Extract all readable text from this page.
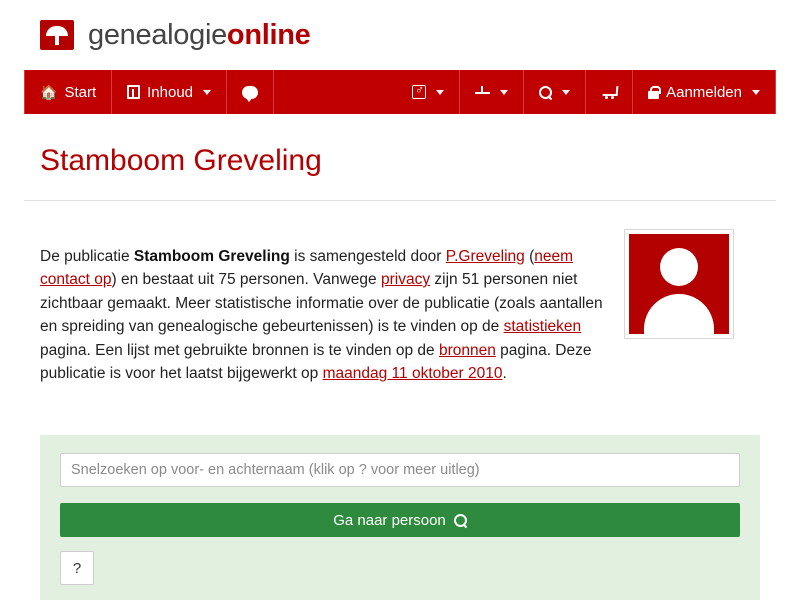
genealogieonline
🏠
Start	Inhoud ♂	Aanmelden
Stamboom Greveling

De publicatie Stamboom Greveling is samengesteld door P.Greveling (neem contact op) en bestaat uit 75 personen. Vanwege privacy zijn 51 personen niet zichtbaar gemaakt. Meer statistische informatie over de publicatie (zoals aantallen en spreiding van genealogische gebeurtenissen) is te vinden op de statistieken pagina. Een lijst met gebruikte bronnen is te vinden op de bronnen pagina. Deze publicatie is voor het laatst bijgewerkt op maandag 11 oktober 2010.

Snelzoeken op voor- en achternaam (klik op ? voor meer uitleg)
Ga naar persoon
?
